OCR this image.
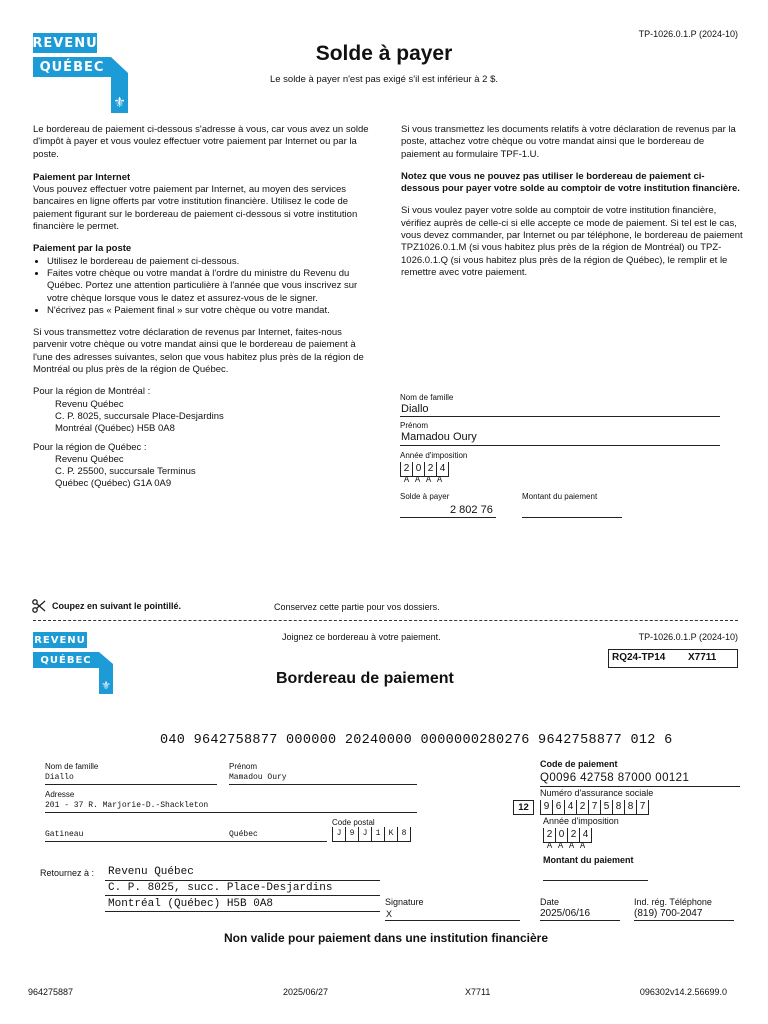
REVENU
QUÉBEC
⚜
TP-1026.0.1.P (2024-10)
Solde à payer
Le solde à payer n'est pas exigé s'il est inférieur à 2 $.
Le bordereau de paiement ci-dessous s'adresse à vous, car vous avez un solde d'impôt à payer et vous voulez effectuer votre paiement par Internet ou par la poste.
Paiement par Internet
Vous pouvez effectuer votre paiement par Internet, au moyen des services bancaires en ligne offerts par votre institution financière. Utilisez le code de paiement figurant sur le bordereau de paiement ci-dessous si votre institution financière le permet.
Paiement par la poste
• Utilisez le bordereau de paiement ci-dessous.
• Faites votre chèque ou votre mandat à l'ordre du ministre du Revenu du Québec. Portez une attention particulière à l'année que vous inscrivez sur votre chèque lorsque vous le datez et assurez-vous de le signer.
• N'écrivez pas « Paiement final » sur votre chèque ou votre mandat.
Si vous transmettez votre déclaration de revenus par Internet, faites-nous parvenir votre chèque ou votre mandat ainsi que le bordereau de paiement à l'une des adresses suivantes, selon que vous habitez plus près de la région de Montréal ou plus près de la région de Québec.
Pour la région de Montréal :
Revenu Québec
C. P. 8025, succursale Place-Desjardins
Montréal (Québec) H5B 0A8
Pour la région de Québec :
Revenu Québec
C. P. 25500, succursale Terminus
Québec (Québec) G1A 0A9
Si vous transmettez les documents relatifs à votre déclaration de revenus par la poste, attachez votre chèque ou votre mandat ainsi que le bordereau de paiement au formulaire TPF-1.U.
Notez que vous ne pouvez pas utiliser le bordereau de paiement ci-dessous pour payer votre solde au comptoir de votre institution financière.
Si vous voulez payer votre solde au comptoir de votre institution financière, vérifiez auprès de celle-ci si elle accepte ce mode de paiement. Si tel est le cas, vous devez commander, par Internet ou par téléphone, le bordereau de paiement TPZ1026.0.1.M (si vous habitez plus près de la région de Montréal) ou TPZ-1026.0.1.Q (si vous habitez plus près de la région de Québec), le remplir et le remettre avec votre paiement.
Nom de famille
Diallo
Prénom
Mamadou Oury
Année d'imposition
2 0 2 4
A A A A
Solde à payer
2 802 76
Montant du paiement
Coupez en suivant le pointillé.	Conservez cette partie pour vos dossiers.
REVENU
QUÉBEC
⚜
Joignez ce bordereau à votre paiement.	TP-1026.0.1.P (2024-10)
RQ24-TP14 X7711
Bordereau de paiement
040 9642758877 000000 20240000 0000000280276 9642758877 012 6
Nom de famille
Diallo
Prénom
Mamadou Oury
Adresse
201 - 37 R. Marjorie-D.-Shackleton
Gatineau	Québec
Code postal
J	9	J	1	K	8
Code de paiement
Q0096 42758 87000 00121
Numéro d'assurance sociale
12	9 6 4 2 7 5 8 8 7
Année d'imposition
2 0 2 4
A A A A
Montant du paiement
Retournez à : Revenu Québec
C. P. 8025, succ. Place-Desjardins
Montréal (Québec) H5B 0A8	Signature
X
Date
2025/06/16
Ind. rég. Téléphone
(819) 700-2047
Non valide pour paiement dans une institution financière
964275887	2025/06/27	X7711	096302v14.2.56699.0
